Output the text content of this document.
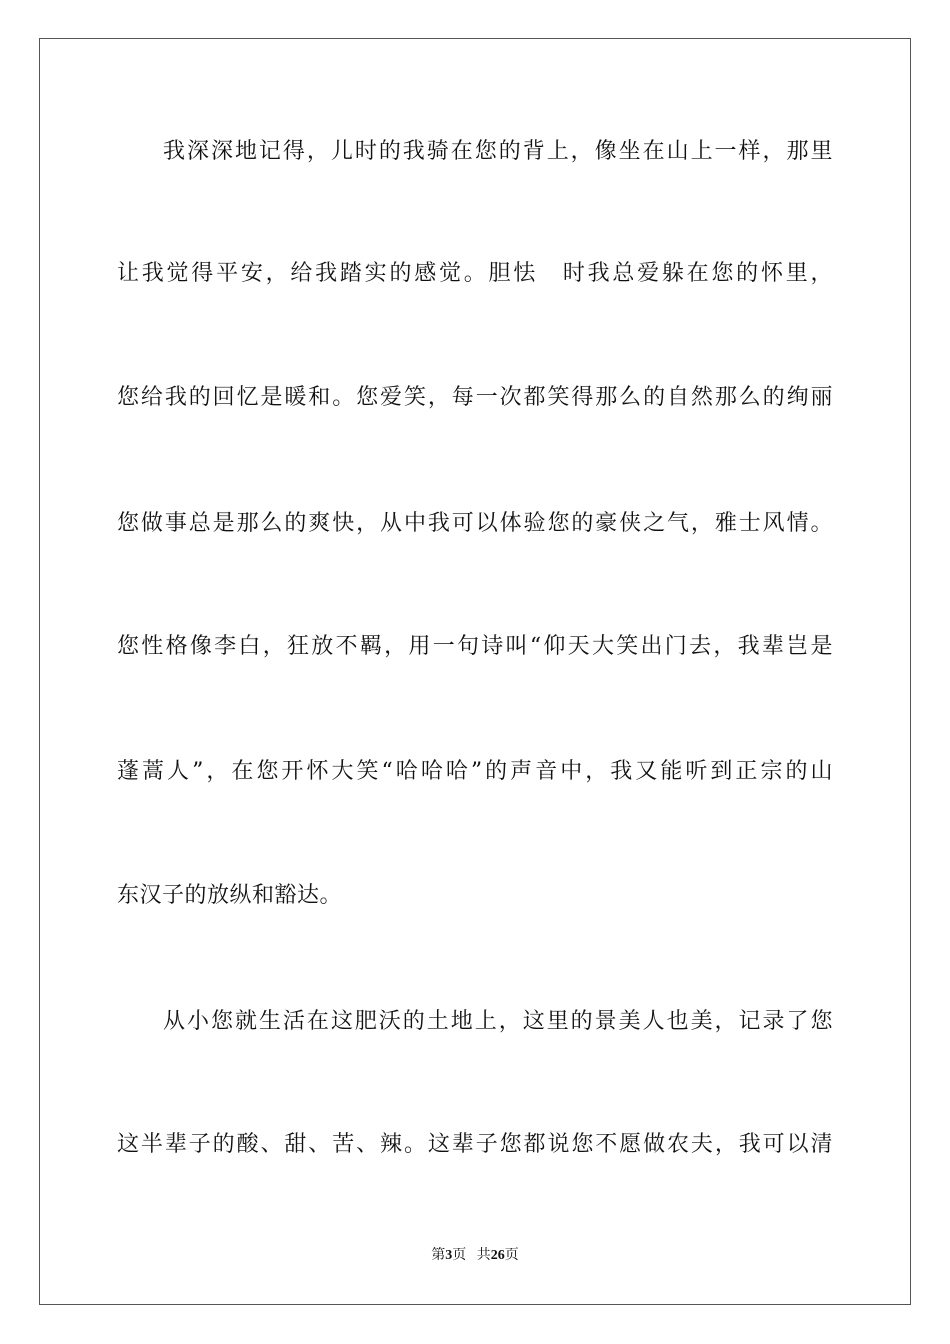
我深深地记得，儿时的我骑在您的背上，像坐在山上一样，那里
让我觉得平安，给我踏实的感觉。胆怯　时我总爱躲在您的怀里，
您给我的回忆是暖和。您爱笑，每一次都笑得那么的自然那么的绚丽
您做事总是那么的爽快，从中我可以体验您的豪侠之气，雅士风情。
您性格像李白，狂放不羁，用一句诗叫“仰天大笑出门去，我辈岂是
蓬蒿人”，在您开怀大笑“哈哈哈”的声音中，我又能听到正宗的山
东汉子的放纵和豁达。
从小您就生活在这肥沃的土地上，这里的景美人也美，记录了您
这半辈子的酸、甜、苦、辣。这辈子您都说您不愿做农夫，我可以清
第3页 共26页
